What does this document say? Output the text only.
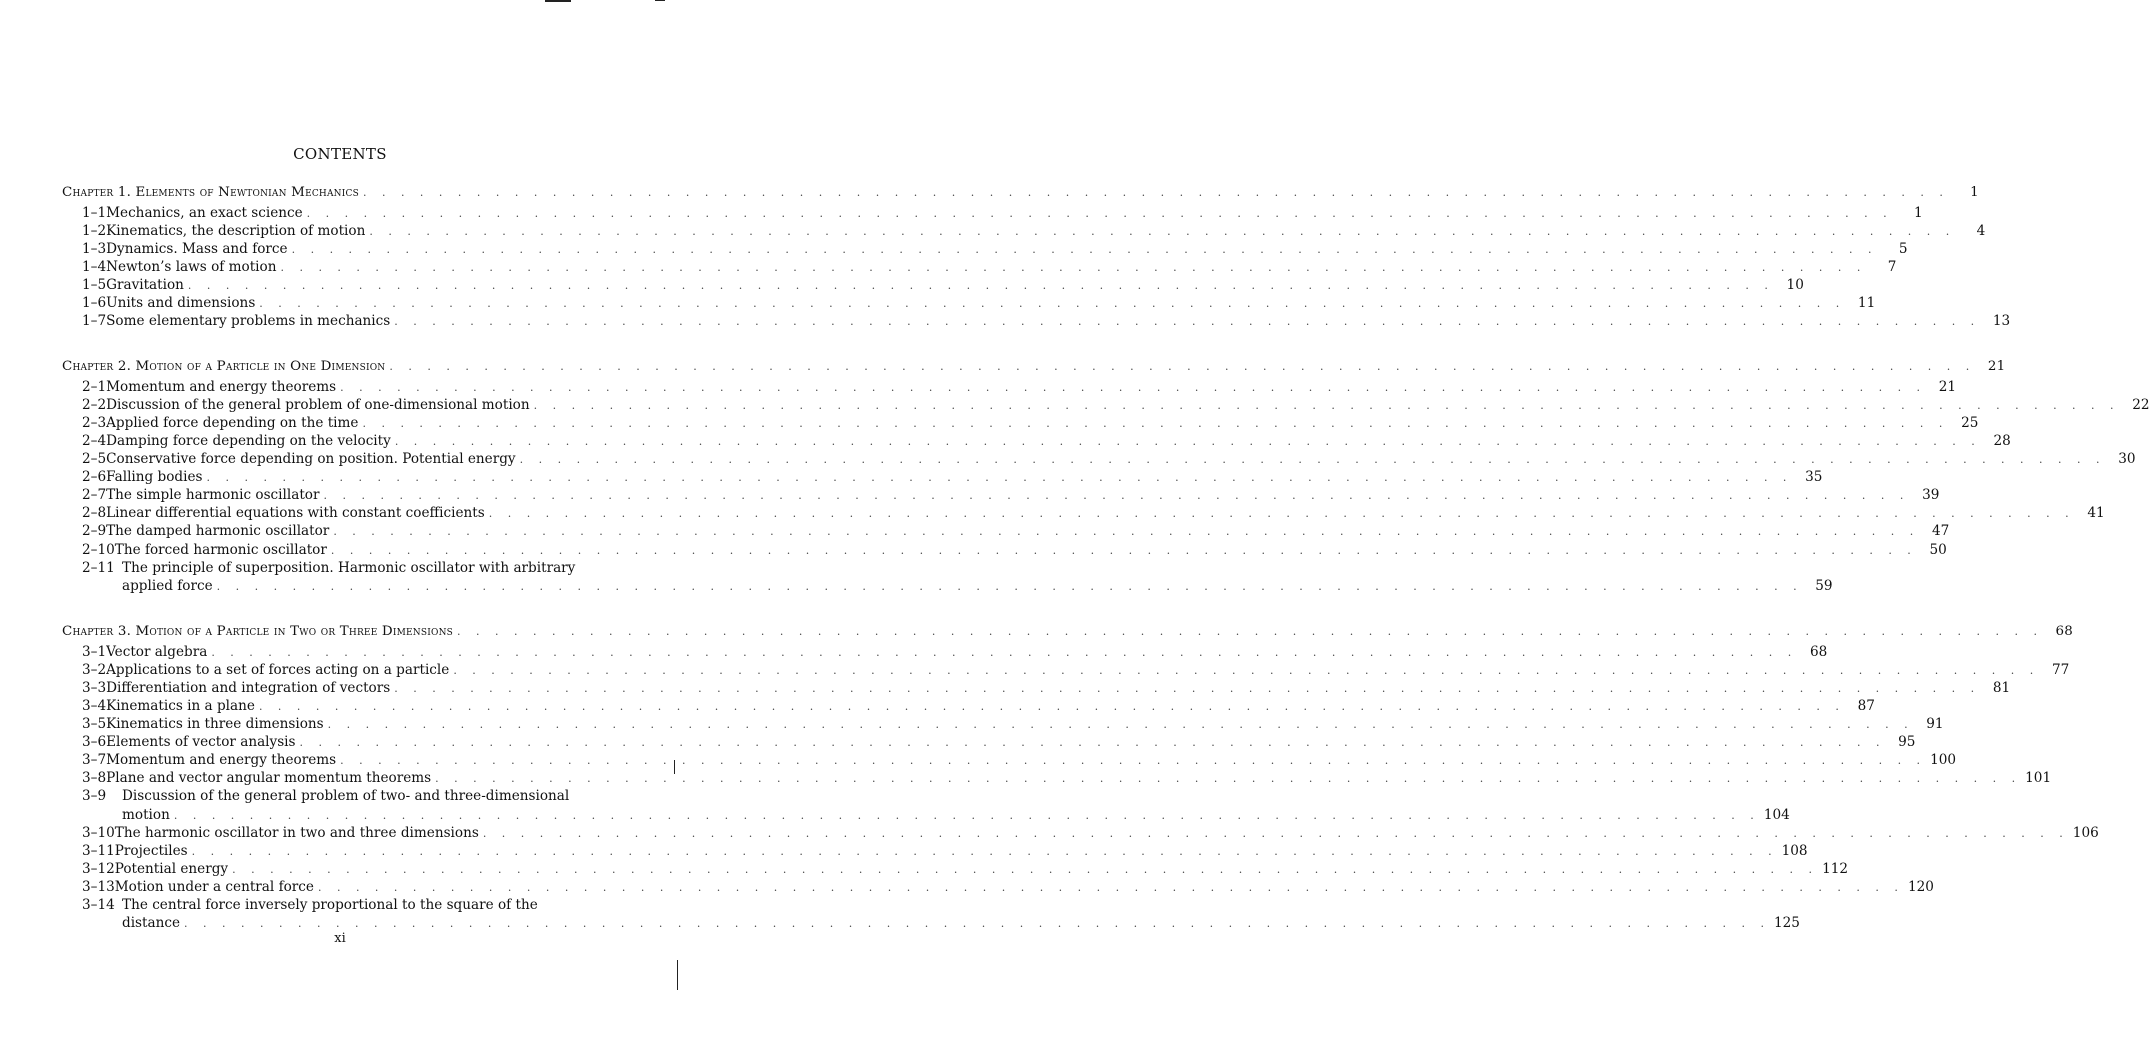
CONTENTS
Chapter 1. Elements of Newtonian Mechanics . . .	1
1–1 Mechanics, an exact science . . .	1
1–2 Kinematics, the description of motion . . .	4
1–3 Dynamics. Mass and force . . .	5
1–4 Newton’s laws of motion . . .	7
1–5 Gravitation . . .	10
1–6 Units and dimensions . . .	11
1–7 Some elementary problems in mechanics . . .	13
Chapter 2. Motion of a Particle in One Dimension . . .	21
2–1 Momentum and energy theorems . . .	21
2–2 Discussion of the general problem of one-dimensional motion . . .	22
2–3 Applied force depending on the time . . .	25
2–4 Damping force depending on the velocity . . .	28
2–5 Conservative force depending on position. Potential energy . . .	30
2–6 Falling bodies . . .	35
2–7 The simple harmonic oscillator . . .	39
2–8 Linear differential equations with constant coefficients . . .	41
2–9 The damped harmonic oscillator . . .	47
2–10 The forced harmonic oscillator . . .	50
2–11 The principle of superposition. Harmonic oscillator with arbitrary
applied force . . .	59
Chapter 3. Motion of a Particle in Two or Three Dimensions . . .	68
3–1 Vector algebra . . .	68
3–2 Applications to a set of forces acting on a particle . . .	77
3–3 Differentiation and integration of vectors . . .	81
3–4 Kinematics in a plane . . .	87
3–5 Kinematics in three dimensions . . .	91
3–6 Elements of vector analysis . . .	95
3–7 Momentum and energy theorems . . .	100
3–8 Plane and vector angular momentum theorems . . .	101
3–9	Discussion of the general problem of two- and three-dimensional
motion . . .	104
3–10 The harmonic oscillator in two and three dimensions . . .	106
3–11 Projectiles . . .	108
3–12 Potential energy . . .	112
3–13 Motion under a central force . . .	120
3–14 The central force inversely proportional to the square of the
distance . . .	125
xi
